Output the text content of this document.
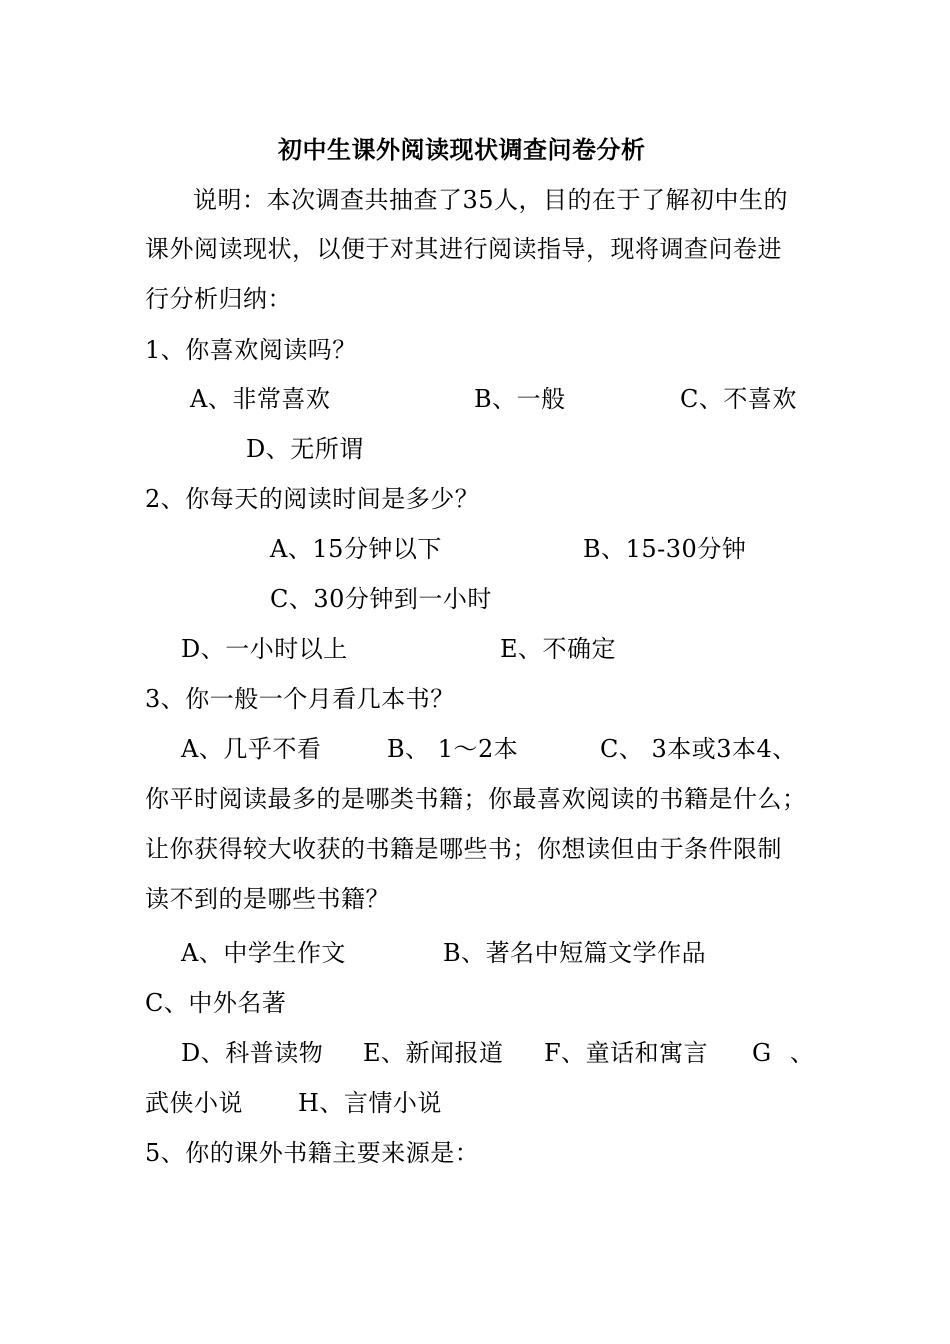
初中生课外阅读现状调查问卷分析
说明：本次调查共抽查了35人，目的在于了解初中生的
课外阅读现状，以便于对其进行阅读指导，现将调查问卷进
行分析归纳：
1、你喜欢阅读吗？
A、非常喜欢	B、一般	C、不喜欢
D、无所谓
2、你每天的阅读时间是多少？
A、15分钟以下	B、15-30分钟
C、30分钟到一小时
D、一小时以上	E、不确定
3、你一般一个月看几本书？
A、几乎不看	B、 1～2本	C、 3本或3本4、
你平时阅读最多的是哪类书籍；你最喜欢阅读的书籍是什么；
让你获得较大收获的书籍是哪些书；你想读但由于条件限制
读不到的是哪些书籍？
A、中学生作文	B、著名中短篇文学作品
C、中外名著
D、科普读物 E、新闻报道 F、童话和寓言 G 、
武侠小说 H、言情小说
5、你的课外书籍主要来源是：
